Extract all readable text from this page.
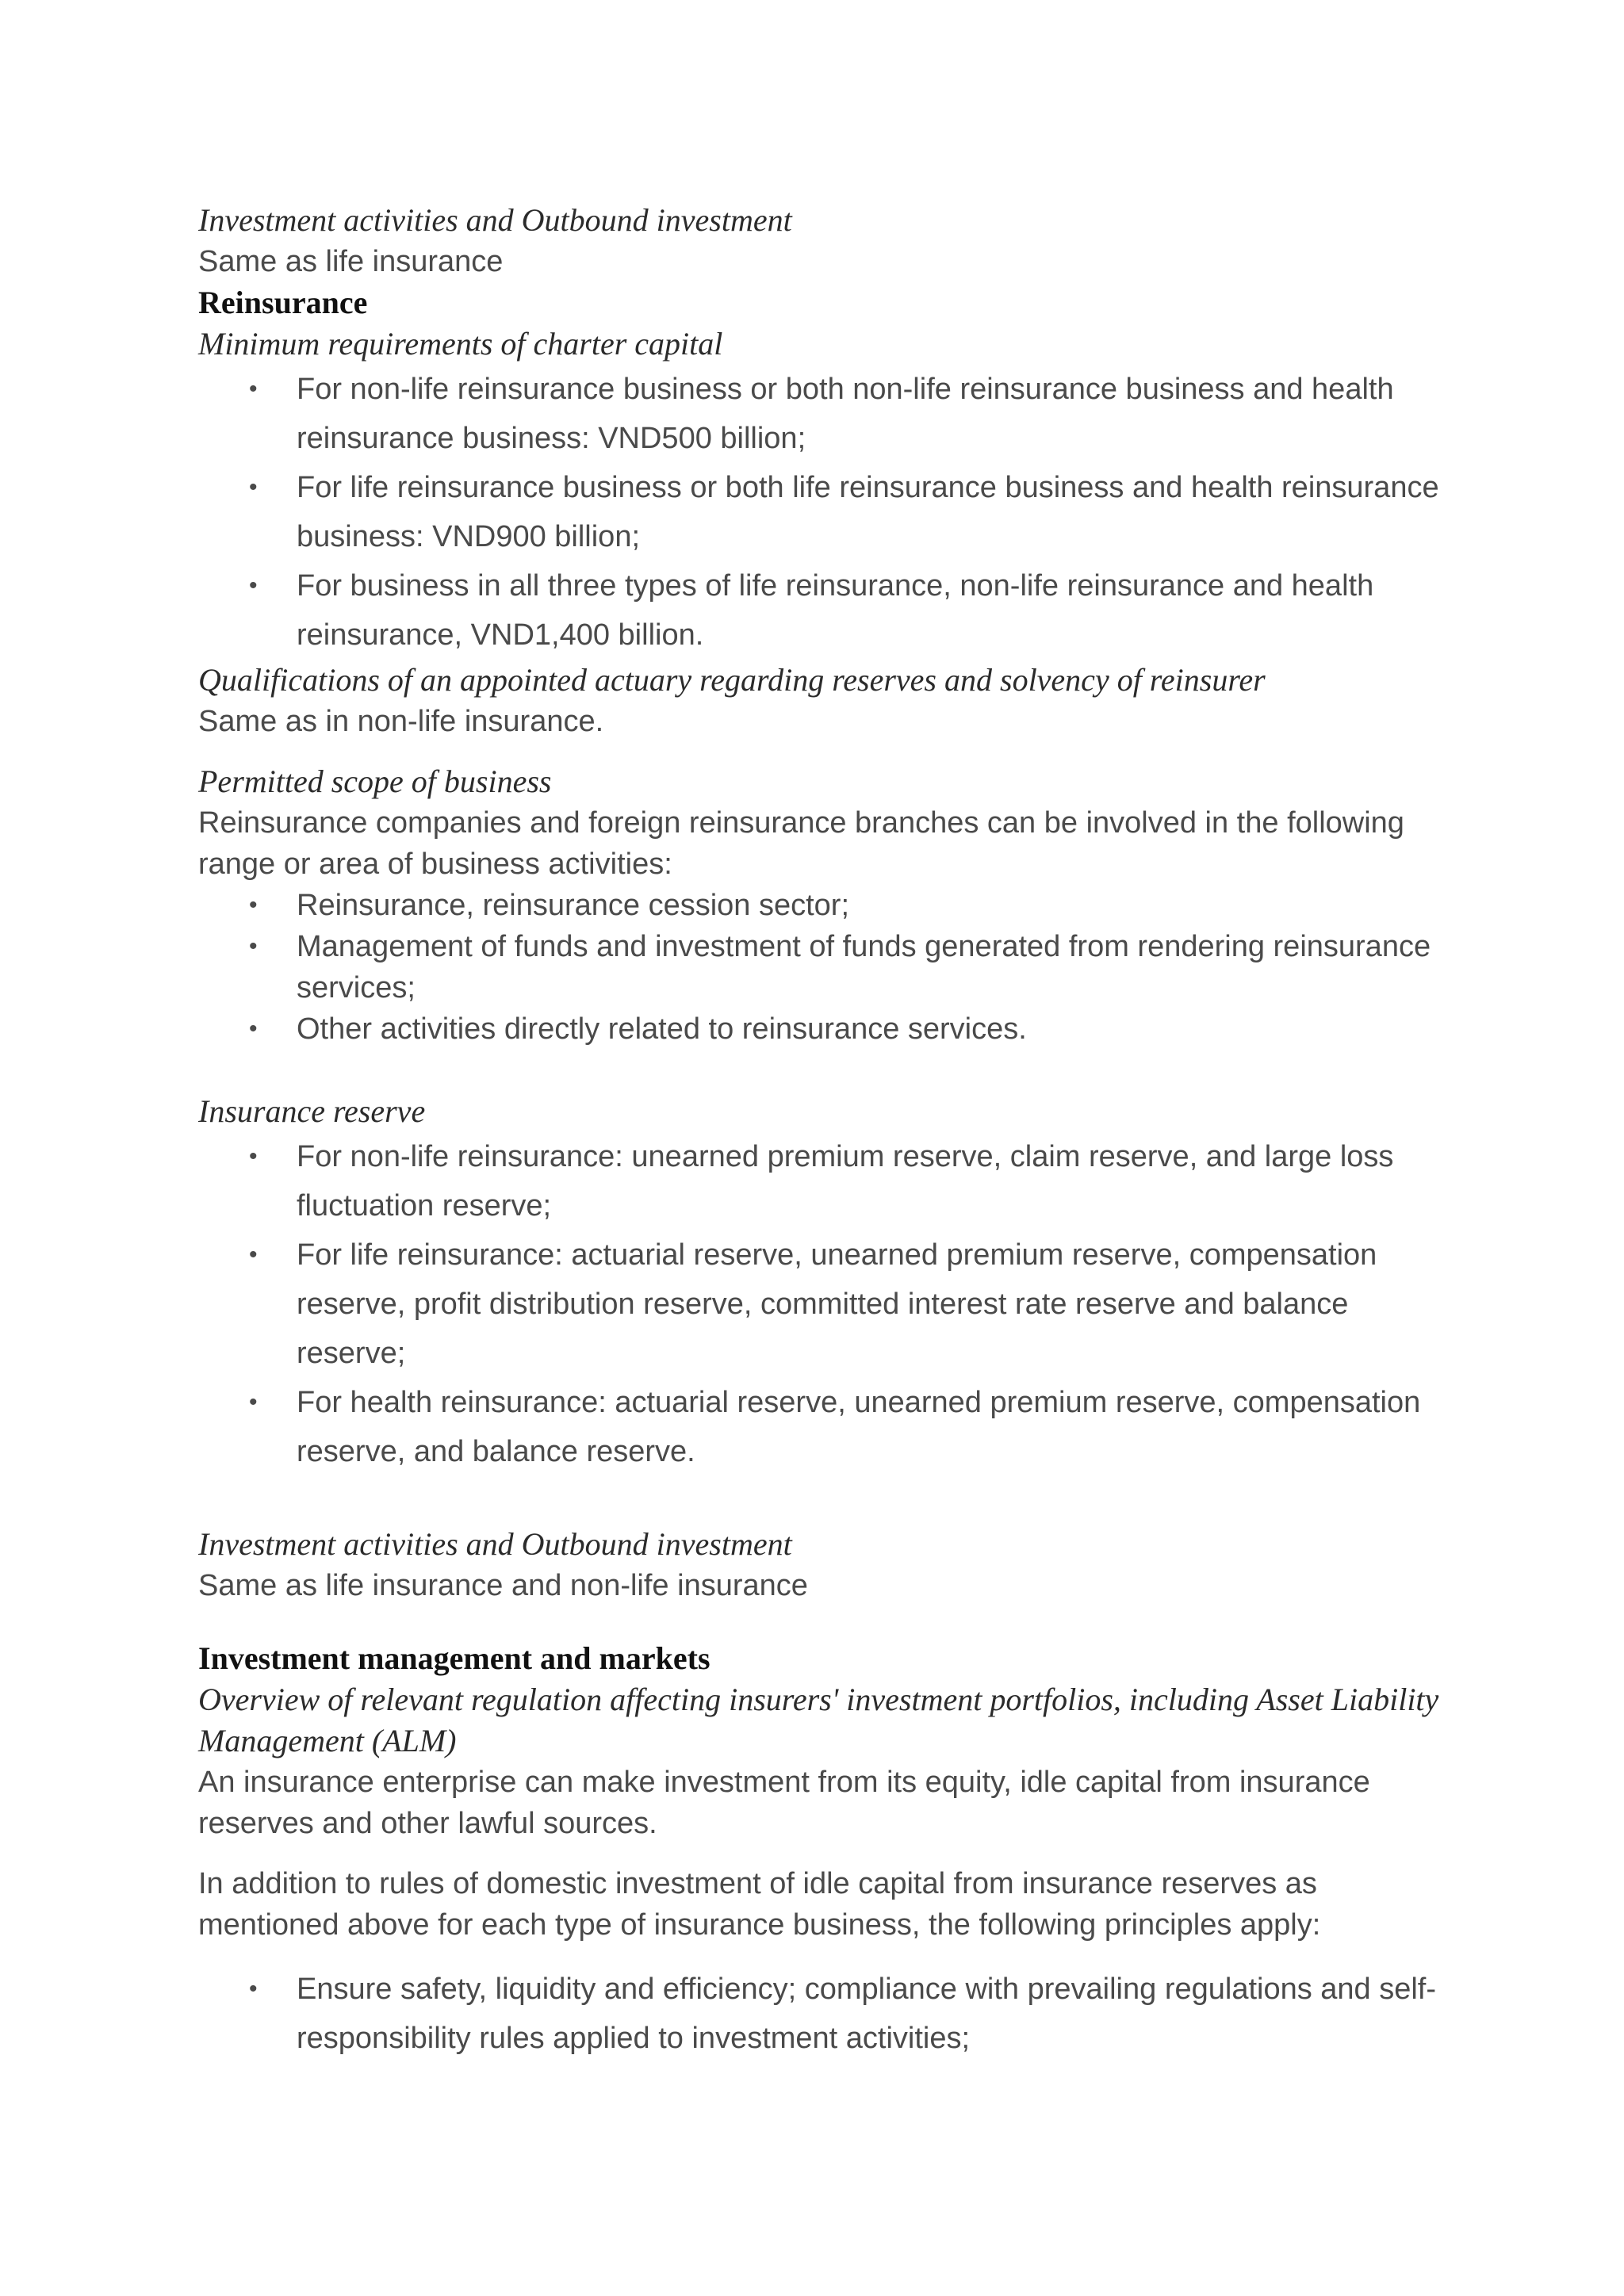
Investment activities and Outbound investment

Same as life insurance

Reinsurance

Minimum requirements of charter capital

• For non-life reinsurance business or both non-life reinsurance business and health reinsurance business: VND500 billion;
• For life reinsurance business or both life reinsurance business and health reinsurance business: VND900 billion;
• For business in all three types of life reinsurance, non-life reinsurance and health reinsurance, VND1,400 billion.

Qualifications of an appointed actuary regarding reserves and solvency of reinsurer

Same as in non-life insurance.

Permitted scope of business

Reinsurance companies and foreign reinsurance branches can be involved in the following range or area of business activities:

• Reinsurance, reinsurance cession sector;
• Management of funds and investment of funds generated from rendering reinsurance services;
• Other activities directly related to reinsurance services.

Insurance reserve

• For non-life reinsurance: unearned premium reserve, claim reserve, and large loss fluctuation reserve;
• For life reinsurance: actuarial reserve, unearned premium reserve, compensation reserve, profit distribution reserve, committed interest rate reserve and balance reserve;
• For health reinsurance: actuarial reserve, unearned premium reserve, compensation reserve, and balance reserve.

Investment activities and Outbound investment

Same as life insurance and non-life insurance

Investment management and markets

Overview of relevant regulation affecting insurers' investment portfolios, including Asset Liability Management (ALM)

An insurance enterprise can make investment from its equity, idle capital from insurance reserves and other lawful sources.

In addition to rules of domestic investment of idle capital from insurance reserves as mentioned above for each type of insurance business, the following principles apply:

• Ensure safety, liquidity and efficiency; compliance with prevailing regulations and self-responsibility rules applied to investment activities;
